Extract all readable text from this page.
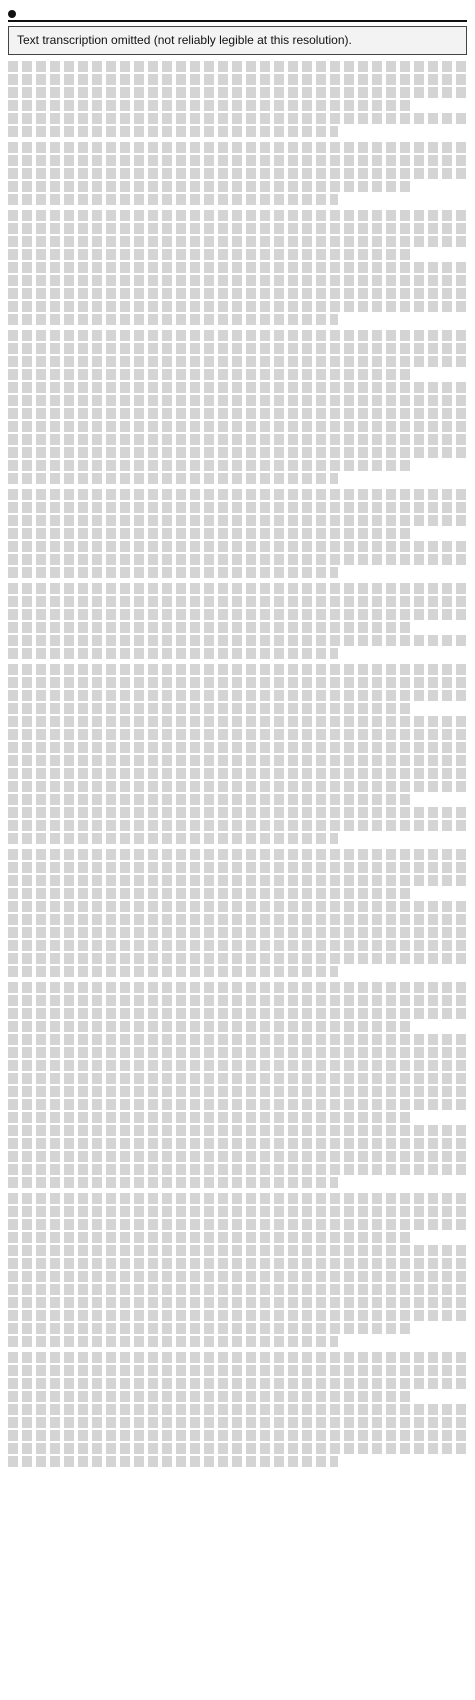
Text transcription omitted (not reliably legible at this resolution).
